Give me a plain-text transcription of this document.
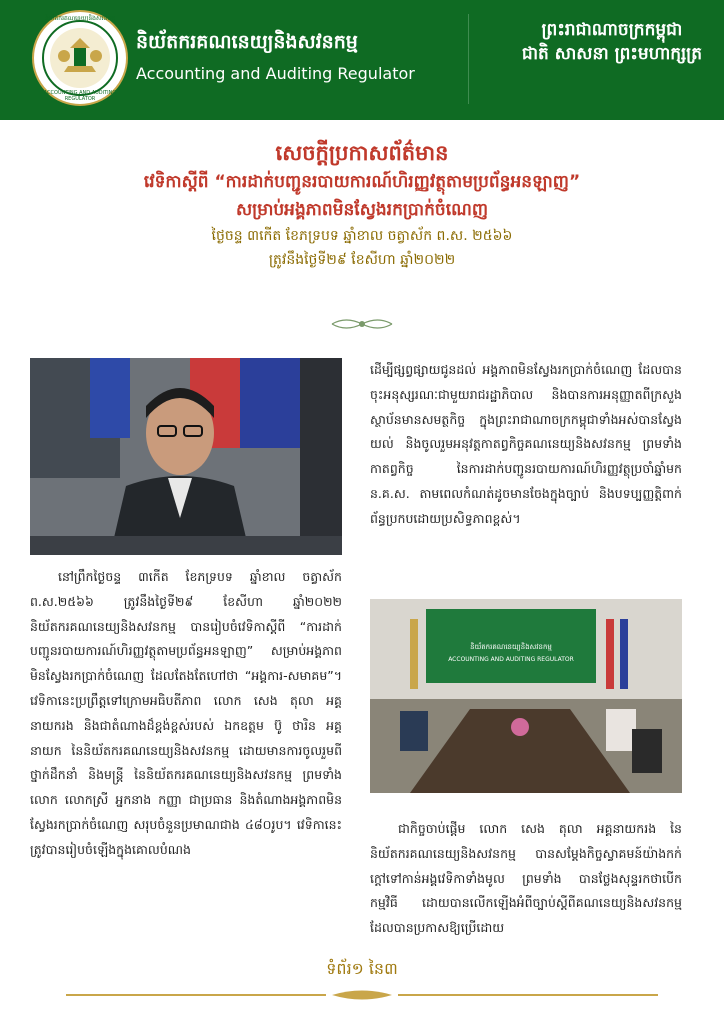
និយ័តករគណនេយ្យនិងសវនកម្ម
ACCOUNTING AND AUDITING REGULATOR
និយ័តករគណនេយ្យនិងសវនកម្ម
Accounting and Auditing Regulator
ព្រះរាជាណាចក្រកម្ពុជា
ជាតិ សាសនា ព្រះមហាក្សត្រ
សេចក្តីប្រកាសព័ត៌មាន
វេទិកាស្តីពី “ការដាក់បញ្ជូនរបាយការណ៍ហិរញ្ញវត្ថុតាមប្រព័ន្ធអនឡាញ”
សម្រាប់អង្គភាពមិនស្វែងរកប្រាក់ចំណេញ
ថ្ងៃចន្ទ ៣កើត ខែភទ្របទ ឆ្នាំខាល ចត្វាស័ក ព.ស. ២៥៦៦
ត្រូវនឹងថ្ងៃទី២៩ ខែសីហា ឆ្នាំ២០២២
និយ័តករគណនេយ្យនិងសវនកម្ម
ACCOUNTING AND AUDITING REGULATOR

នៅព្រឹកថ្ងៃចន្ទ ៣កើត ខែភទ្របទ ឆ្នាំខាល ចត្វាស័ក ព.ស.២៥៦៦ ត្រូវនឹងថ្ងៃទី២៩ ខែសីហា ឆ្នាំ២០២២ និយ័តករគណនេយ្យនិងសវនកម្ម បានរៀបចំវេទិកាស្តីពី “ការដាក់បញ្ជូនរបាយការណ៍ហិរញ្ញវត្ថុតាមប្រព័ន្ធអនឡាញ” សម្រាប់អង្គភាពមិនស្វែងរកប្រាក់ចំណេញ ដែលតែងតែហៅថា “អង្គការ-សមាគម”។ វេទិកានេះប្រព្រឹត្តទៅក្រោមអធិបតីភាព លោក សេង តុលា អគ្គនាយករង និងជាតំណាងដ៏ខ្ពង់ខ្ពស់របស់ ឯកឧត្តម ប៊ូ ថារិន អគ្គនាយក នៃនិយ័តករគណនេយ្យនិងសវនកម្ម ដោយមានការចូលរួមពីថ្នាក់ដឹកនាំ និងមន្ត្រី នៃនិយ័តករគណនេយ្យនិងសវនកម្ម ព្រមទាំង លោក លោកស្រី អ្នកនាង កញ្ញា ជាប្រធាន និងតំណាងអង្គភាពមិនស្វែងរកប្រាក់ចំណេញ សរុបចំនួនប្រមាណជាង ៤៨០រូប។ វេទិកានេះត្រូវបានរៀបចំឡើងក្នុងគោលបំណង

ដើម្បីផ្សព្វផ្សាយជូនដល់ អង្គភាពមិនស្វែងរកប្រាក់ចំណេញ ដែលបានចុះអនុស្សរណៈជាមួយរាជរដ្ឋាភិបាល និងបានការអនុញ្ញាតពីក្រសួងស្ថាប័នមានសមត្ថកិច្ច ក្នុងព្រះរាជាណាចក្រកម្ពុជាទាំងអស់បានស្វែងយល់ និងចូលរួមអនុវត្តកាតព្វកិច្ចគណនេយ្យនិងសវនកម្ម ព្រមទាំងកាតព្វកិច្ច នៃការដាក់បញ្ជូនរបាយការណ៍ហិរញ្ញវត្ថុប្រចាំឆ្នាំមក ន.គ.ស. តាមពេលកំណត់ដូចមានចែងក្នុងច្បាប់ និងបទប្បញ្ញត្តិពាក់ព័ន្ធប្រកបដោយប្រសិទ្ធភាពខ្ពស់។

ជាកិច្ចចាប់ផ្តើម លោក សេង តុលា អគ្គនាយករង នៃនិយ័តករគណនេយ្យនិងសវនកម្ម បានសម្តែងកិច្ចស្វាគមន៍យ៉ាងកក់ក្តៅទៅកាន់អង្គវេទិកាទាំងមូល ព្រមទាំង បានថ្លែងសុន្ទរកថាបើកកម្មវិធី ដោយបានលើកឡើងអំពីច្បាប់ស្តីពីគណនេយ្យនិងសវនកម្ម ដែលបានប្រកាសឱ្យប្រើដោយ

ទំព័រ១ នៃ៣
